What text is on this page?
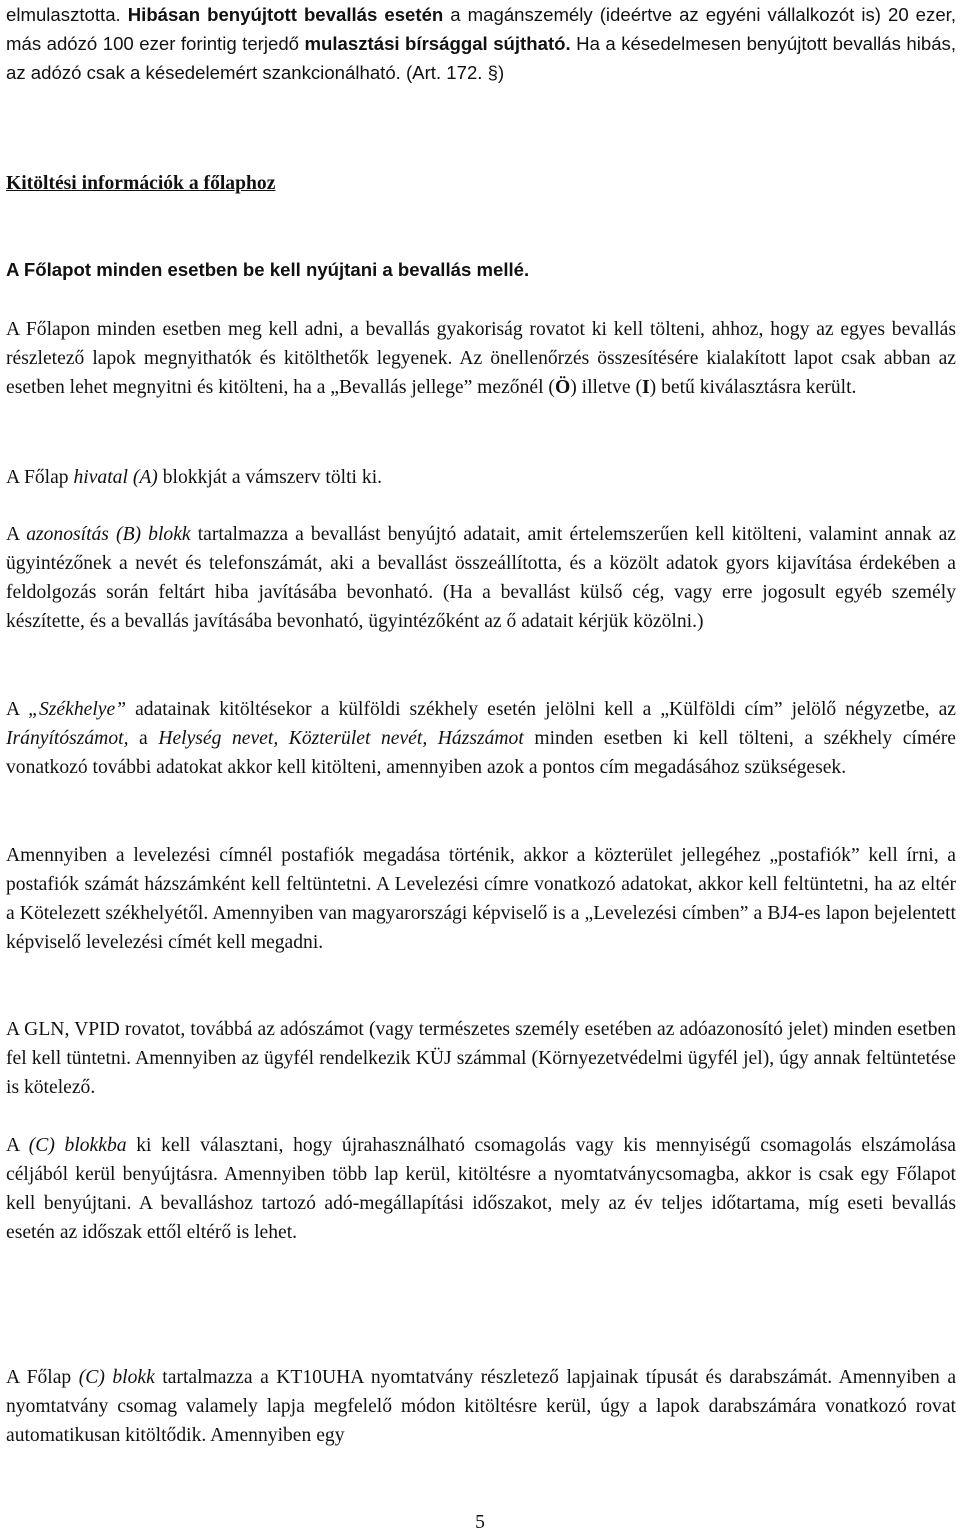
elmulasztotta. Hibásan benyújtott bevallás esetén a magánszemély (ideértve az egyéni vállalkozót is) 20 ezer, más adózó 100 ezer forintig terjedő mulasztási bírsággal sújtható. Ha a késedelmesen benyújtott bevallás hibás, az adózó csak a késedelemért szankcionálható. (Art. 172. §)

Kitöltési információk a főlaphoz

A Főlapot minden esetben be kell nyújtani a bevallás mellé.

A Főlapon minden esetben meg kell adni, a bevallás gyakoriság rovatot ki kell tölteni, ahhoz, hogy az egyes bevallás részletező lapok megnyithatók és kitölthetők legyenek. Az önellenőrzés összesítésére kialakított lapot csak abban az esetben lehet megnyitni és kitölteni, ha a „Bevallás jellege” mezőnél (Ö) illetve (I) betű kiválasztásra került.

A Főlap hivatal (A) blokkját a vámszerv tölti ki.

A azonosítás (B) blokk tartalmazza a bevallást benyújtó adatait, amit értelemszerűen kell kitölteni, valamint annak az ügyintézőnek a nevét és telefonszámát, aki a bevallást összeállította, és a közölt adatok gyors kijavítása érdekében a feldolgozás során feltárt hiba javításába bevonható. (Ha a bevallást külső cég, vagy erre jogosult egyéb személy készítette, és a bevallás javításába bevonható, ügyintézőként az ő adatait kérjük közölni.)

A „Székhelye” adatainak kitöltésekor a külföldi székhely esetén jelölni kell a „Külföldi cím” jelölő négyzetbe, az Irányítószámot, a Helység nevet, Közterület nevét, Házszámot minden esetben ki kell tölteni, a székhely címére vonatkozó további adatokat akkor kell kitölteni, amennyiben azok a pontos cím megadásához szükségesek.

Amennyiben a levelezési címnél postafiók megadása történik, akkor a közterület jellegéhez „postafiók” kell írni, a postafiók számát házszámként kell feltüntetni. A Levelezési címre vonatkozó adatokat, akkor kell feltüntetni, ha az eltér a Kötelezett székhelyétől. Amennyiben van magyarországi képviselő is a „Levelezési címben” a BJ4-es lapon bejelentett képviselő levelezési címét kell megadni.

A GLN, VPID rovatot, továbbá az adószámot (vagy természetes személy esetében az adóazonosító jelet) minden esetben fel kell tüntetni. Amennyiben az ügyfél rendelkezik KÜJ számmal (Környezetvédelmi ügyfél jel), úgy annak feltüntetése is kötelező.

A (C) blokkba ki kell választani, hogy újrahasználható csomagolás vagy kis mennyiségű csomagolás elszámolása céljából kerül benyújtásra. Amennyiben több lap kerül, kitöltésre a nyomtatványcsomagba, akkor is csak egy Főlapot kell benyújtani. A bevalláshoz tartozó adó-megállapítási időszakot, mely az év teljes időtartama, míg eseti bevallás esetén az időszak ettől eltérő is lehet.

A Főlap (C) blokk tartalmazza a KT10UHA nyomtatvány részletező lapjainak típusát és darabszámát. Amennyiben a nyomtatvány csomag valamely lapja megfelelő módon kitöltésre kerül, úgy a lapok darabszámára vonatkozó rovat automatikusan kitöltődik. Amennyiben egy

5
